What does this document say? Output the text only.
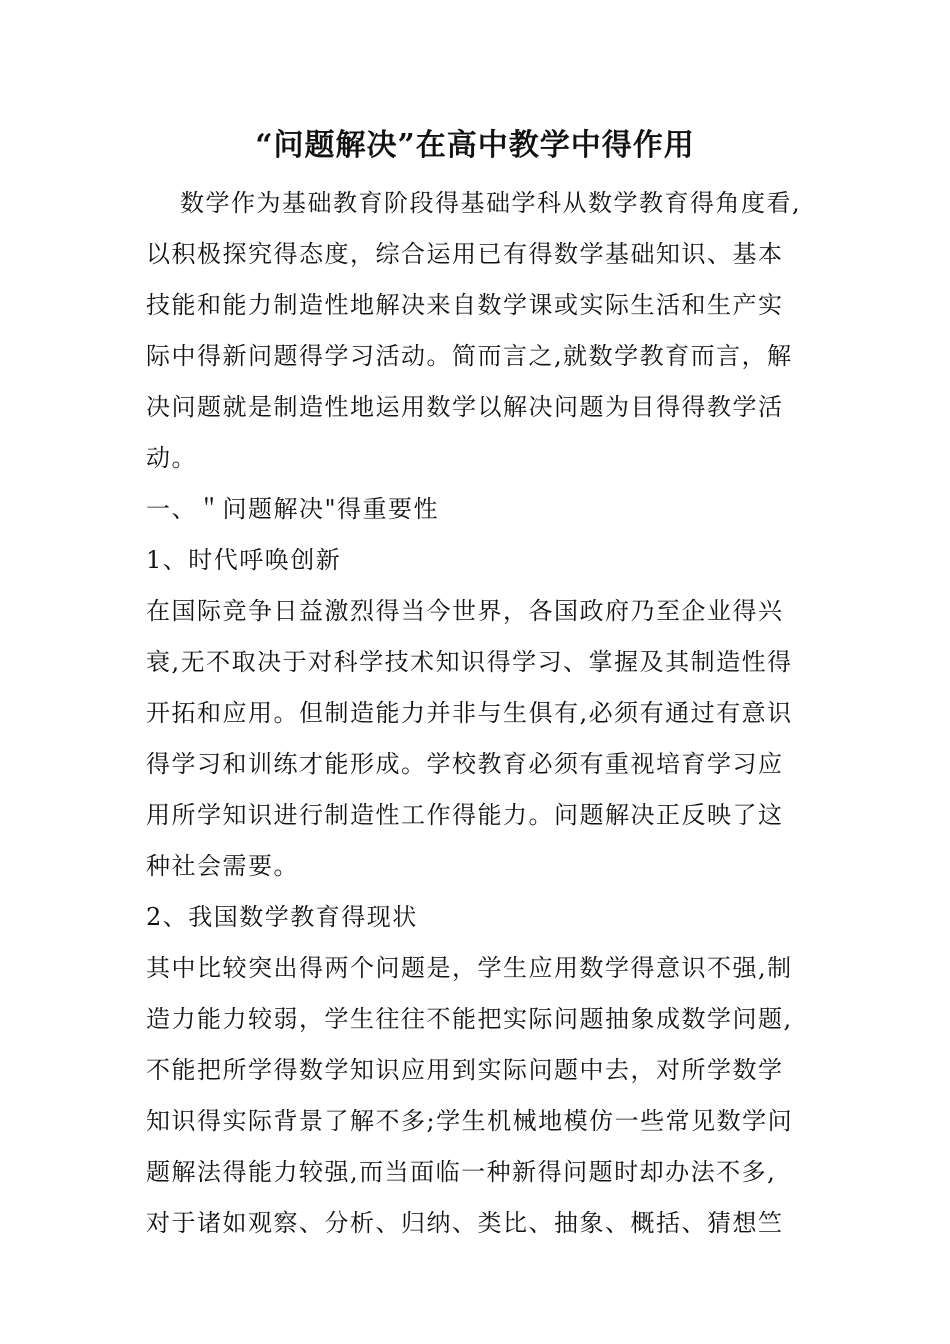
“问题解决”在高中教学中得作用
数学作为基础教育阶段得基础学科从数学教育得角度看,
以积极探究得态度，综合运用已有得数学基础知识、基本
技能和能力制造性地解决来自数学课或实际生活和生产实
际中得新问题得学习活动。简而言之,就数学教育而言，解
决问题就是制造性地运用数学以解决问题为目得得教学活
动。
一、＂问题解决"得重要性
1、时代呼唤创新
在国际竞争日益激烈得当今世界，各国政府乃至企业得兴
衰,无不取决于对科学技术知识得学习、掌握及其制造性得
开拓和应用。但制造能力并非与生俱有,必须有通过有意识
得学习和训练才能形成。学校教育必须有重视培育学习应
用所学知识进行制造性工作得能力。问题解决正反映了这
种社会需要。
2、我国数学教育得现状
其中比较突出得两个问题是，学生应用数学得意识不强,制
造力能力较弱，学生往往不能把实际问题抽象成数学问题,
不能把所学得数学知识应用到实际问题中去，对所学数学
知识得实际背景了解不多;学生机械地模仿一些常见数学问
题解法得能力较强,而当面临一种新得问题时却办法不多,
对于诸如观察、分析、归纳、类比、抽象、概括、猜想竺
